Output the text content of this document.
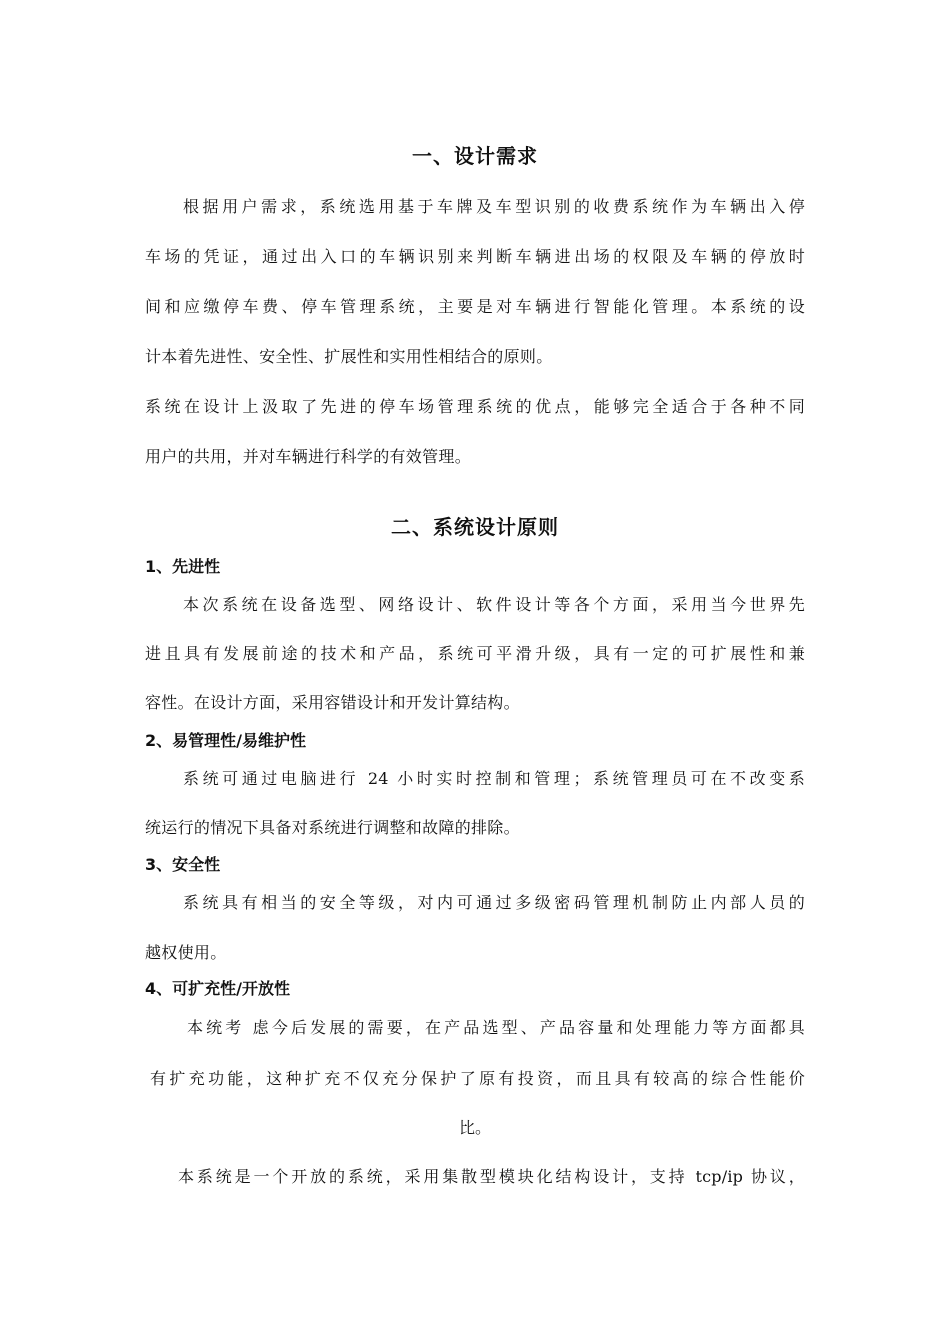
一、设计需求
根据用户需求，系统选用基于车牌及车型识别的收费系统作为车辆出入停
车场的凭证，通过出入口的车辆识别来判断车辆进出场的权限及车辆的停放时
间和应缴停车费、停车管理系统，主要是对车辆进行智能化管理。本系统的设
计本着先进性、安全性、扩展性和实用性相结合的原则。
系统在设计上汲取了先进的停车场管理系统的优点，能够完全适合于各种不同
用户的共用，并对车辆进行科学的有效管理。
二、系统设计原则
1、先进性
本次系统在设备选型、网络设计、软件设计等各个方面，采用当今世界先
进且具有发展前途的技术和产品，系统可平滑升级，具有一定的可扩展性和兼
容性。在设计方面，采用容错设计和开发计算结构。
2、易管理性/易维护性
系统可通过电脑进行 24 小时实时控制和管理；系统管理员可在不改变系
统运行的情况下具备对系统进行调整和故障的排除。
3、安全性
系统具有相当的安全等级，对内可通过多级密码管理机制防止内部人员的
越权使用。
4、可扩充性/开放性
本统考 虑今后发展的需要，在产品选型、产品容量和处理能力等方面都具
有扩充功能，这种扩充不仅充分保护了原有投资，而且具有较高的综合性能价
比。
本系统是一个开放的系统，采用集散型模块化结构设计，支持 tcp/ip 协议，
